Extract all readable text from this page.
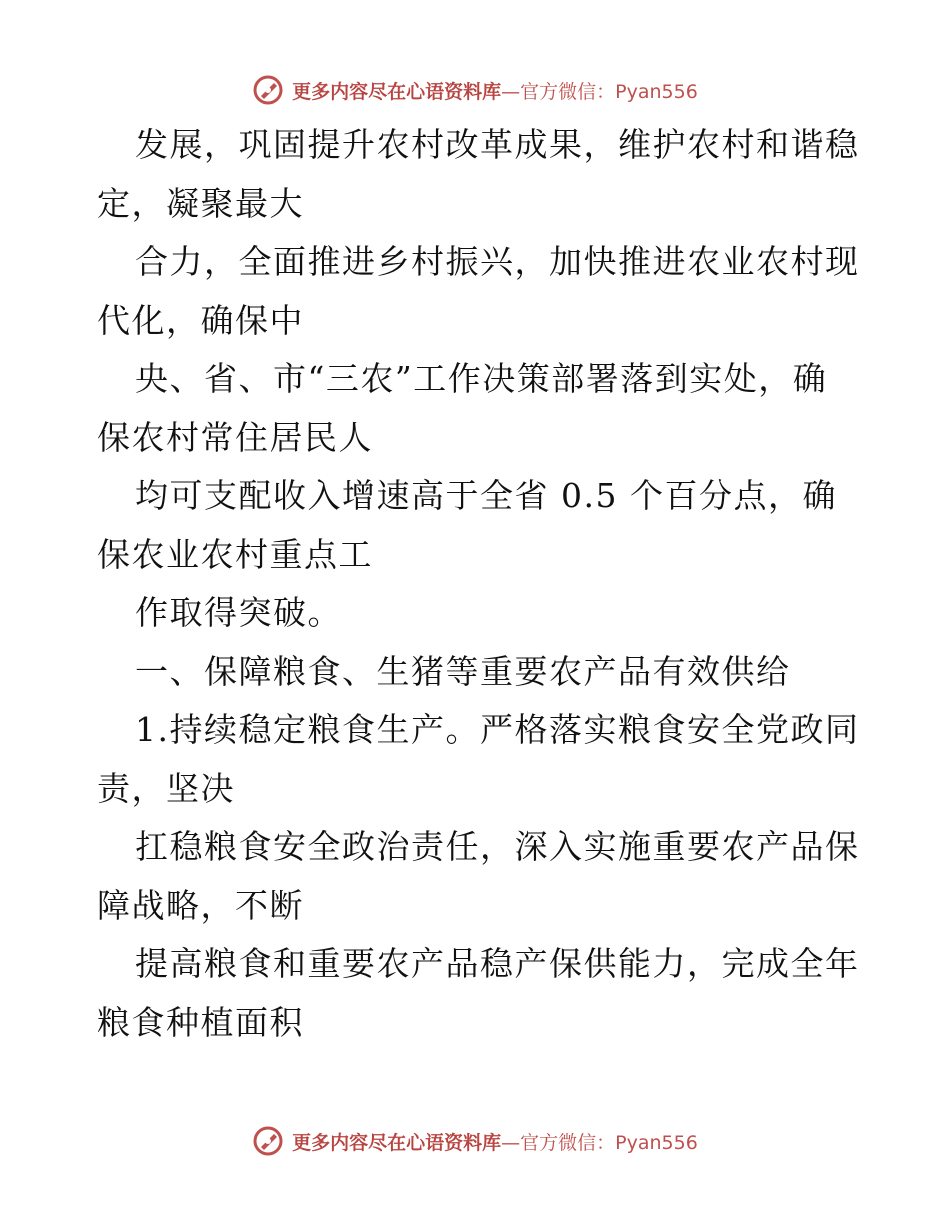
更多内容尽在心语资料库—官方微信：Pyan556
发展，巩固提升农村改革成果，维护农村和谐稳
定，凝聚最大
合力，全面推进乡村振兴，加快推进农业农村现
代化，确保中
央、省、市“三农”工作决策部署落到实处，确
保农村常住居民人
均可支配收入增速高于全省 0.5 个百分点，确
保农业农村重点工
作取得突破。
一、保障粮食、生猪等重要农产品有效供给
1.持续稳定粮食生产。严格落实粮食安全党政同
责，坚决
扛稳粮食安全政治责任，深入实施重要农产品保
障战略，不断
提高粮食和重要农产品稳产保供能力，完成全年
粮食种植面积
更多内容尽在心语资料库—官方微信：Pyan556
